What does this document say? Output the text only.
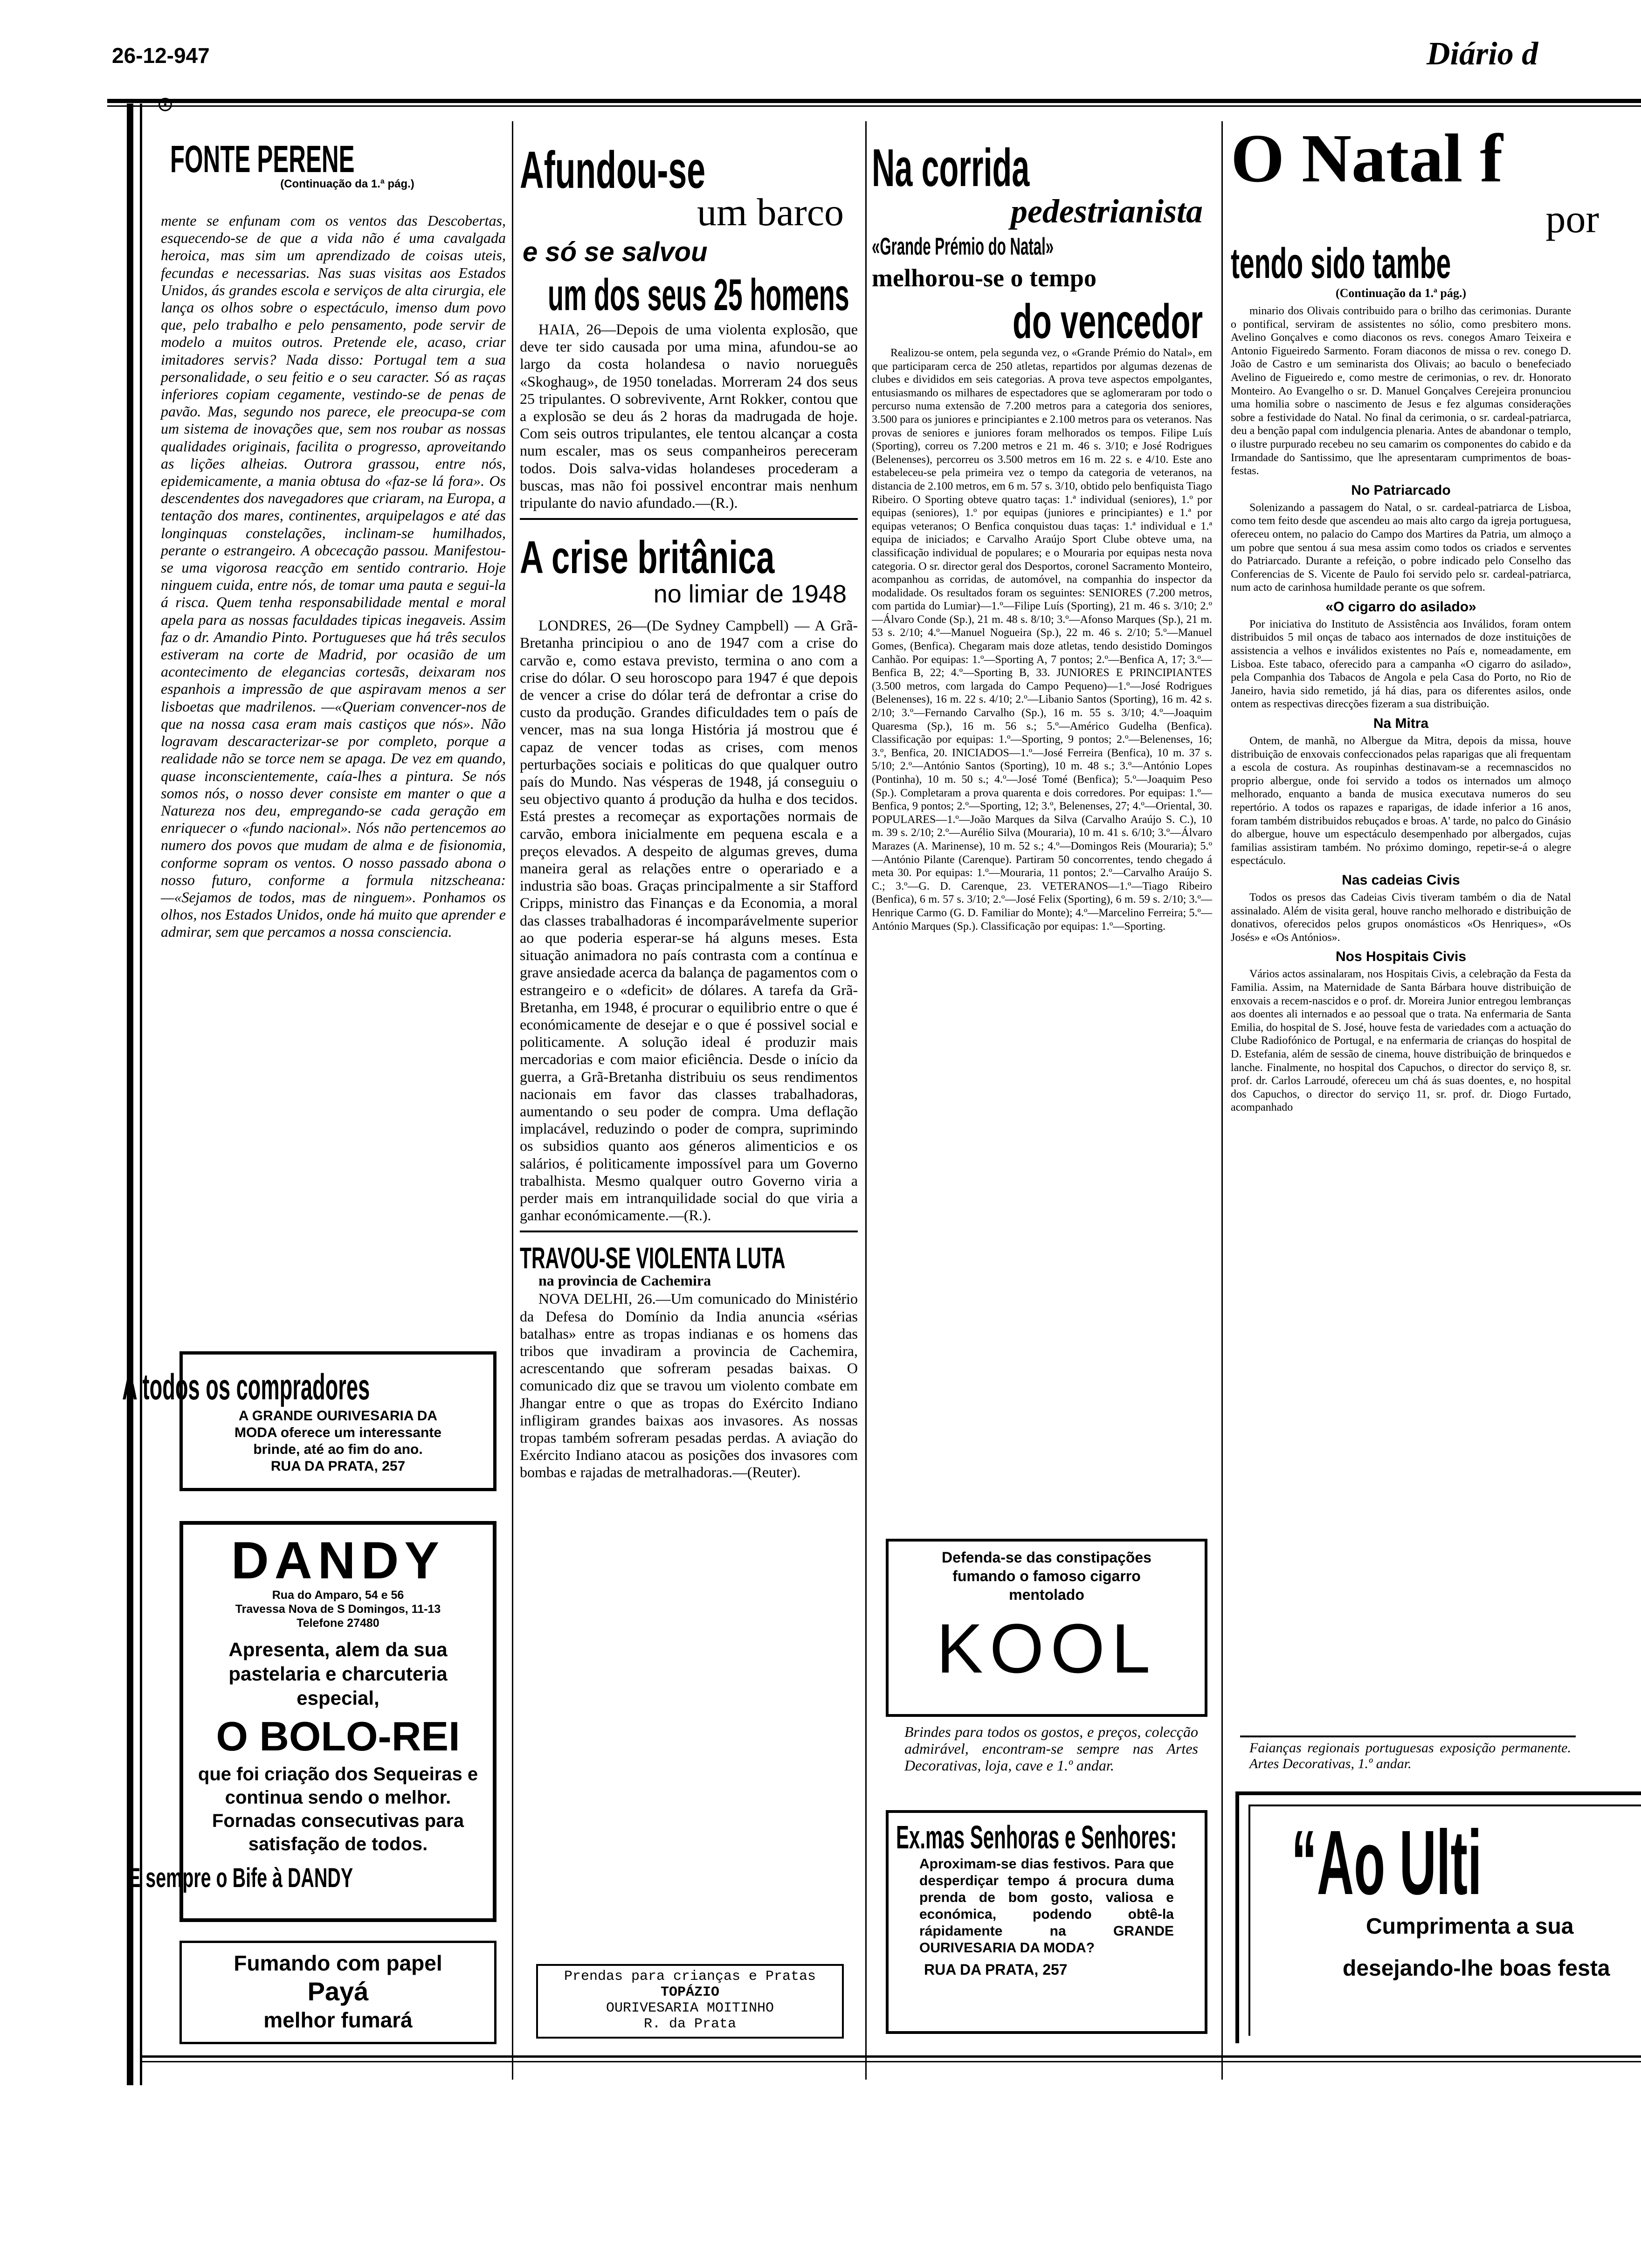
26-12-947	Diário d
⊙
FONTE PERENE
(Continuação da 1.ª pág.)

mente se enfunam com os ventos das Descobertas, esquecendo-se de que a vida não é uma cavalgada heroica, mas sim um aprendizado de coisas uteis, fecundas e necessarias. Nas suas visitas aos Estados Unidos, ás grandes escola e serviços de alta cirurgia, ele lança os olhos sobre o espectáculo, imenso dum povo que, pelo trabalho e pelo pensamento, pode servir de modelo a muitos outros. Pretende ele, acaso, criar imitadores servis? Nada disso: Portugal tem a sua personalidade, o seu feitio e o seu caracter. Só as raças inferiores copiam cegamente, vestindo-se de penas de pavão. Mas, segundo nos parece, ele preocupa-se com um sistema de inovações que, sem nos roubar as nossas qualidades originais, facilita o progresso, aproveitando as lições alheias. Outrora grassou, entre nós, epidemicamente, a mania obtusa do «faz-se lá fora». Os descendentes dos navegadores que criaram, na Europa, a tentação dos mares, continentes, arquipelagos e até das longinquas constelações, inclinam-se humilhados, perante o estrangeiro. A obcecação passou. Manifestou-se uma vigorosa reacção em sentido contrario. Hoje ninguem cuida, entre nós, de tomar uma pauta e segui-la á risca. Quem tenha responsabilidade mental e moral apela para as nossas faculdades tipicas inegaveis. Assim faz o dr. Amandio Pinto. Portugueses que há três seculos estiveram na corte de Madrid, por ocasião de um acontecimento de elegancias cortesãs, deixaram nos espanhois a impressão de que aspiravam menos a ser lisboetas que madrilenos. —«Queriam convencer-nos de que na nossa casa eram mais castiços que nós». Não logravam descaracterizar-se por completo, porque a realidade não se torce nem se apaga. De vez em quando, quase inconscientemente, caía-lhes a pintura. Se nós somos nós, o nosso dever consiste em manter o que a Natureza nos deu, empregando-se cada geração em enriquecer o «fundo nacional». Nós não pertencemos ao numero dos povos que mudam de alma e de fisionomia, conforme sopram os ventos. O nosso passado abona o nosso futuro, conforme a formula nitzscheana: —«Sejamos de todos, mas de ninguem». Ponhamos os olhos, nos Estados Unidos, onde há muito que aprender e admirar, sem que percamos a nossa consciencia.

A todos os compradores
A GRANDE OURIVESARIA DA
MODA oferece um interessante
brinde, até ao fim do ano.
RUA DA PRATA, 257
DANDY
Rua do Amparo, 54 e 56
Travessa Nova de S Domingos, 11-13
Telefone 27480
Apresenta, alem da sua pastelaria e charcuteria especial,
O BOLO-REI
que foi criação dos Sequeiras e continua sendo o melhor. Fornadas consecutivas para satisfação de todos.
E sempre o Bife à DANDY
Fumando com papel
Payá
melhor fumará
Afundou-se
um barco
e só se salvou
um dos seus 25 homens

HAIA, 26—Depois de uma violenta explosão, que deve ter sido causada por uma mina, afundou-se ao largo da costa holandesa o navio norueguês «Skoghaug», de 1950 toneladas. Morreram 24 dos seus 25 tripulantes. O sobrevivente, Arnt Rokker, contou que a explosão se deu ás 2 horas da madrugada de hoje. Com seis outros tripulantes, ele tentou alcançar a costa num escaler, mas os seus companheiros pereceram todos. Dois salva-vidas holandeses procederam a buscas, mas não foi possivel encontrar mais nenhum tripulante do navio afundado.—(R.).

A crise britânica
no limiar de 1948

LONDRES, 26—(De Sydney Campbell) — A Grã-Bretanha principiou o ano de 1947 com a crise do carvão e, como estava previsto, termina o ano com a crise do dólar. O seu horoscopo para 1947 é que depois de vencer a crise do dólar terá de defrontar a crise do custo da produção. Grandes dificuldades tem o país de vencer, mas na sua longa História já mostrou que é capaz de vencer todas as crises, com menos perturbações sociais e politicas do que qualquer outro país do Mundo. Nas vésperas de 1948, já conseguiu o seu objectivo quanto á produção da hulha e dos tecidos. Está prestes a recomeçar as exportações normais de carvão, embora inicialmente em pequena escala e a preços elevados. A despeito de algumas greves, duma maneira geral as relações entre o operariado e a industria são boas. Graças principalmente a sir Stafford Cripps, ministro das Finanças e da Economia, a moral das classes trabalhadoras é incomparávelmente superior ao que poderia esperar-se há alguns meses. Esta situação animadora no país contrasta com a contínua e grave ansiedade acerca da balança de pagamentos com o estrangeiro e o «deficit» de dólares. A tarefa da Grã-Bretanha, em 1948, é procurar o equilibrio entre o que é económicamente de desejar e o que é possivel social e politicamente. A solução ideal é produzir mais mercadorias e com maior eficiência. Desde o início da guerra, a Grã-Bretanha distribuiu os seus rendimentos nacionais em favor das classes trabalhadoras, aumentando o seu poder de compra. Uma deflação implacável, reduzindo o poder de compra, suprimindo os subsidios quanto aos géneros alimenticios e os salários, é politicamente impossível para um Governo trabalhista. Mesmo qualquer outro Governo viria a perder mais em intranquilidade social do que viria a ganhar económicamente.—(R.).

TRAVOU-SE VIOLENTA LUTA
na provincia de Cachemira

NOVA DELHI, 26.—Um comunicado do Ministério da Defesa do Domínio da India anuncia «sérias batalhas» entre as tropas indianas e os homens das tribos que invadiram a provincia de Cachemira, acrescentando que sofreram pesadas baixas. O comunicado diz que se travou um violento combate em Jhangar entre o que as tropas do Exército Indiano infligiram grandes baixas aos invasores. As nossas tropas também sofreram pesadas perdas. A aviação do Exército Indiano atacou as posições dos invasores com bombas e rajadas de metralhadoras.—(Reuter).

Prendas para crianças e Pratas
TOPÁZIO
OURIVESARIA MOITINHO
R. da Prata
Na corrida
pedestrianista
«Grande Prémio do Natal»
melhorou-se o tempo
do vencedor

Realizou-se ontem, pela segunda vez, o «Grande Prémio do Natal», em que participaram cerca de 250 atletas, repartidos por algumas dezenas de clubes e divididos em seis categorias. A prova teve aspectos empolgantes, entusiasmando os milhares de espectadores que se aglomeraram por todo o percurso numa extensão de 7.200 metros para a categoria dos seniores, 3.500 para os juniores e principiantes e 2.100 metros para os veteranos. Nas provas de seniores e juniores foram melhorados os tempos. Filipe Luís (Sporting), correu os 7.200 metros e 21 m. 46 s. 3/10; e José Rodrigues (Belenenses), percorreu os 3.500 metros em 16 m. 22 s. e 4/10. Este ano estabeleceu-se pela primeira vez o tempo da categoria de veteranos, na distancia de 2.100 metros, em 6 m. 57 s. 3/10, obtido pelo benfiquista Tiago Ribeiro. O Sporting obteve quatro taças: 1.ª individual (seniores), 1.º por equipas (seniores), 1.º por equipas (juniores e principiantes) e 1.ª por equipas veteranos; O Benfica conquistou duas taças: 1.ª individual e 1.ª equipa de iniciados; e Carvalho Araújo Sport Clube obteve uma, na classificação individual de populares; e o Mouraria por equipas nesta nova categoria. O sr. director geral dos Desportos, coronel Sacramento Monteiro, acompanhou as corridas, de automóvel, na companhia do inspector da modalidade. Os resultados foram os seguintes: SENIORES (7.200 metros, com partida do Lumiar)—1.º—Filipe Luís (Sporting), 21 m. 46 s. 3/10; 2.º—Álvaro Conde (Sp.), 21 m. 48 s. 8/10; 3.º—Afonso Marques (Sp.), 21 m. 53 s. 2/10; 4.º—Manuel Nogueira (Sp.), 22 m. 46 s. 2/10; 5.º—Manuel Gomes, (Benfica). Chegaram mais doze atletas, tendo desistido Domingos Canhão. Por equipas: 1.º—Sporting A, 7 pontos; 2.º—Benfica A, 17; 3.º—Benfica B, 22; 4.º—Sporting B, 33. JUNIORES E PRINCIPIANTES (3.500 metros, com largada do Campo Pequeno)—1.º—José Rodrigues (Belenenses), 16 m. 22 s. 4/10; 2.º—Libanio Santos (Sporting), 16 m. 42 s. 2/10; 3.º—Fernando Carvalho (Sp.), 16 m. 55 s. 3/10; 4.º—Joaquim Quaresma (Sp.), 16 m. 56 s.; 5.º—Américo Gudelha (Benfica). Classificação por equipas: 1.º—Sporting, 9 pontos; 2.º—Belenenses, 16; 3.º, Benfica, 20. INICIADOS—1.º—José Ferreira (Benfica), 10 m. 37 s. 5/10; 2.º—António Santos (Sporting), 10 m. 48 s.; 3.º—António Lopes (Pontinha), 10 m. 50 s.; 4.º—José Tomé (Benfica); 5.º—Joaquim Peso (Sp.). Completaram a prova quarenta e dois corredores. Por equipas: 1.º—Benfica, 9 pontos; 2.º—Sporting, 12; 3.º, Belenenses, 27; 4.º—Oriental, 30. POPULARES—1.º—João Marques da Silva (Carvalho Araújo S. C.), 10 m. 39 s. 2/10; 2.º—Aurélio Silva (Mouraria), 10 m. 41 s. 6/10; 3.º—Álvaro Marazes (A. Marinense), 10 m. 52 s.; 4.º—Domingos Reis (Mouraria); 5.º—António Pilante (Carenque). Partiram 50 concorrentes, tendo chegado á meta 30. Por equipas: 1.º—Mouraria, 11 pontos; 2.º—Carvalho Araújo S. C.; 3.º—G. D. Carenque, 23. VETERANOS—1.º—Tiago Ribeiro (Benfica), 6 m. 57 s. 3/10; 2.º—José Felix (Sporting), 6 m. 59 s. 2/10; 3.º—Henrique Carmo (G. D. Familiar do Monte); 4.º—Marcelino Ferreira; 5.º—António Marques (Sp.). Classificação por equipas: 1.º—Sporting.

Defenda-se das constipações
fumando o famoso cigarro
mentolado
KOOL
Brindes para todos os gostos, e preços, colecção admirável, encontram-se sempre nas Artes Decorativas, loja, cave e 1.º andar.
Ex.mas Senhoras e Senhores:
Aproximam-se dias festivos. Para que desperdiçar tempo á procura duma prenda de bom gosto, valiosa e económica, podendo obtê-la rápidamente na GRANDE OURIVESARIA DA MODA?
RUA DA PRATA, 257
O Natal f
por
tendo sido tambe
(Continuação da 1.ª pág.)

minario dos Olivais contribuido para o brilho das cerimonias. Durante o pontifical, serviram de assistentes no sólio, como presbitero mons. Avelino Gonçalves e como diaconos os revs. conegos Amaro Teixeira e Antonio Figueiredo Sarmento. Foram diaconos de missa o rev. conego D. João de Castro e um seminarista dos Olivais; ao baculo o benefeciado Avelino de Figueiredo e, como mestre de cerimonias, o rev. dr. Honorato Monteiro. Ao Evangelho o sr. D. Manuel Gonçalves Cerejeira pronunciou uma homilia sobre o nascimento de Jesus e fez algumas considerações sobre a festividade do Natal. No final da cerimonia, o sr. cardeal-patriarca, deu a benção papal com indulgencia plenaria. Antes de abandonar o templo, o ilustre purpurado recebeu no seu camarim os componentes do cabido e da Irmandade do Santissimo, que lhe apresentaram cumprimentos de boas-festas.

No Patriarcado

Solenizando a passagem do Natal, o sr. cardeal-patriarca de Lisboa, como tem feito desde que ascendeu ao mais alto cargo da igreja portuguesa, ofereceu ontem, no palacio do Campo dos Martires da Patria, um almoço a um pobre que sentou á sua mesa assim como todos os criados e serventes do Patriarcado. Durante a refeição, o pobre indicado pelo Conselho das Conferencias de S. Vicente de Paulo foi servido pelo sr. cardeal-patriarca, num acto de carinhosa humildade perante os que sofrem.

«O cigarro do asilado»

Por iniciativa do Instituto de Assistência aos Inválidos, foram ontem distribuidos 5 mil onças de tabaco aos internados de doze instituições de assistencia a velhos e inválidos existentes no País e, nomeadamente, em Lisboa. Este tabaco, oferecido para a campanha «O cigarro do asilado», pela Companhia dos Tabacos de Angola e pela Casa do Porto, no Rio de Janeiro, havia sido remetido, já há dias, para os diferentes asilos, onde ontem as respectivas direcções fizeram a sua distribuição.

Na Mitra

Ontem, de manhã, no Albergue da Mitra, depois da missa, houve distribuição de enxovais confeccionados pelas raparigas que ali frequentam a escola de costura. As roupinhas destinavam-se a recemnascidos no proprio albergue, onde foi servido a todos os internados um almoço melhorado, enquanto a banda de musica executava numeros do seu repertório. A todos os rapazes e raparigas, de idade inferior a 16 anos, foram também distribuidos rebuçados e broas. A' tarde, no palco do Ginásio do albergue, houve um espectáculo desempenhado por albergados, cujas familias assistiram também. No próximo domingo, repetir-se-á o alegre espectáculo.

Nas cadeias Civis

Todos os presos das Cadeias Civis tiveram também o dia de Natal assinalado. Além de visita geral, houve rancho melhorado e distribuição de donativos, oferecidos pelos grupos onomásticos «Os Henriques», «Os Josés» e «Os Antónios».

Nos Hospitais Civis

Vários actos assinalaram, nos Hospitais Civis, a celebração da Festa da Familia. Assim, na Maternidade de Santa Bárbara houve distribuição de enxovais a recem-nascidos e o prof. dr. Moreira Junior entregou lembranças aos doentes ali internados e ao pessoal que o trata. Na enfermaria de Santa Emilia, do hospital de S. José, houve festa de variedades com a actuação do Clube Radiofónico de Portugal, e na enfermaria de crianças do hospital de D. Estefania, além de sessão de cinema, houve distribuição de brinquedos e lanche. Finalmente, no hospital dos Capuchos, o director do serviço 8, sr. prof. dr. Carlos Larroudé, ofereceu um chá ás suas doentes, e, no hospital dos Capuchos, o director do serviço 11, sr. prof. dr. Diogo Furtado, acompanhado

Faianças regionais portuguesas exposição permanente. Artes Decorativas, 1.º andar.
“Ao Ulti
Cumprimenta a sua
desejando-lhe boas festa
